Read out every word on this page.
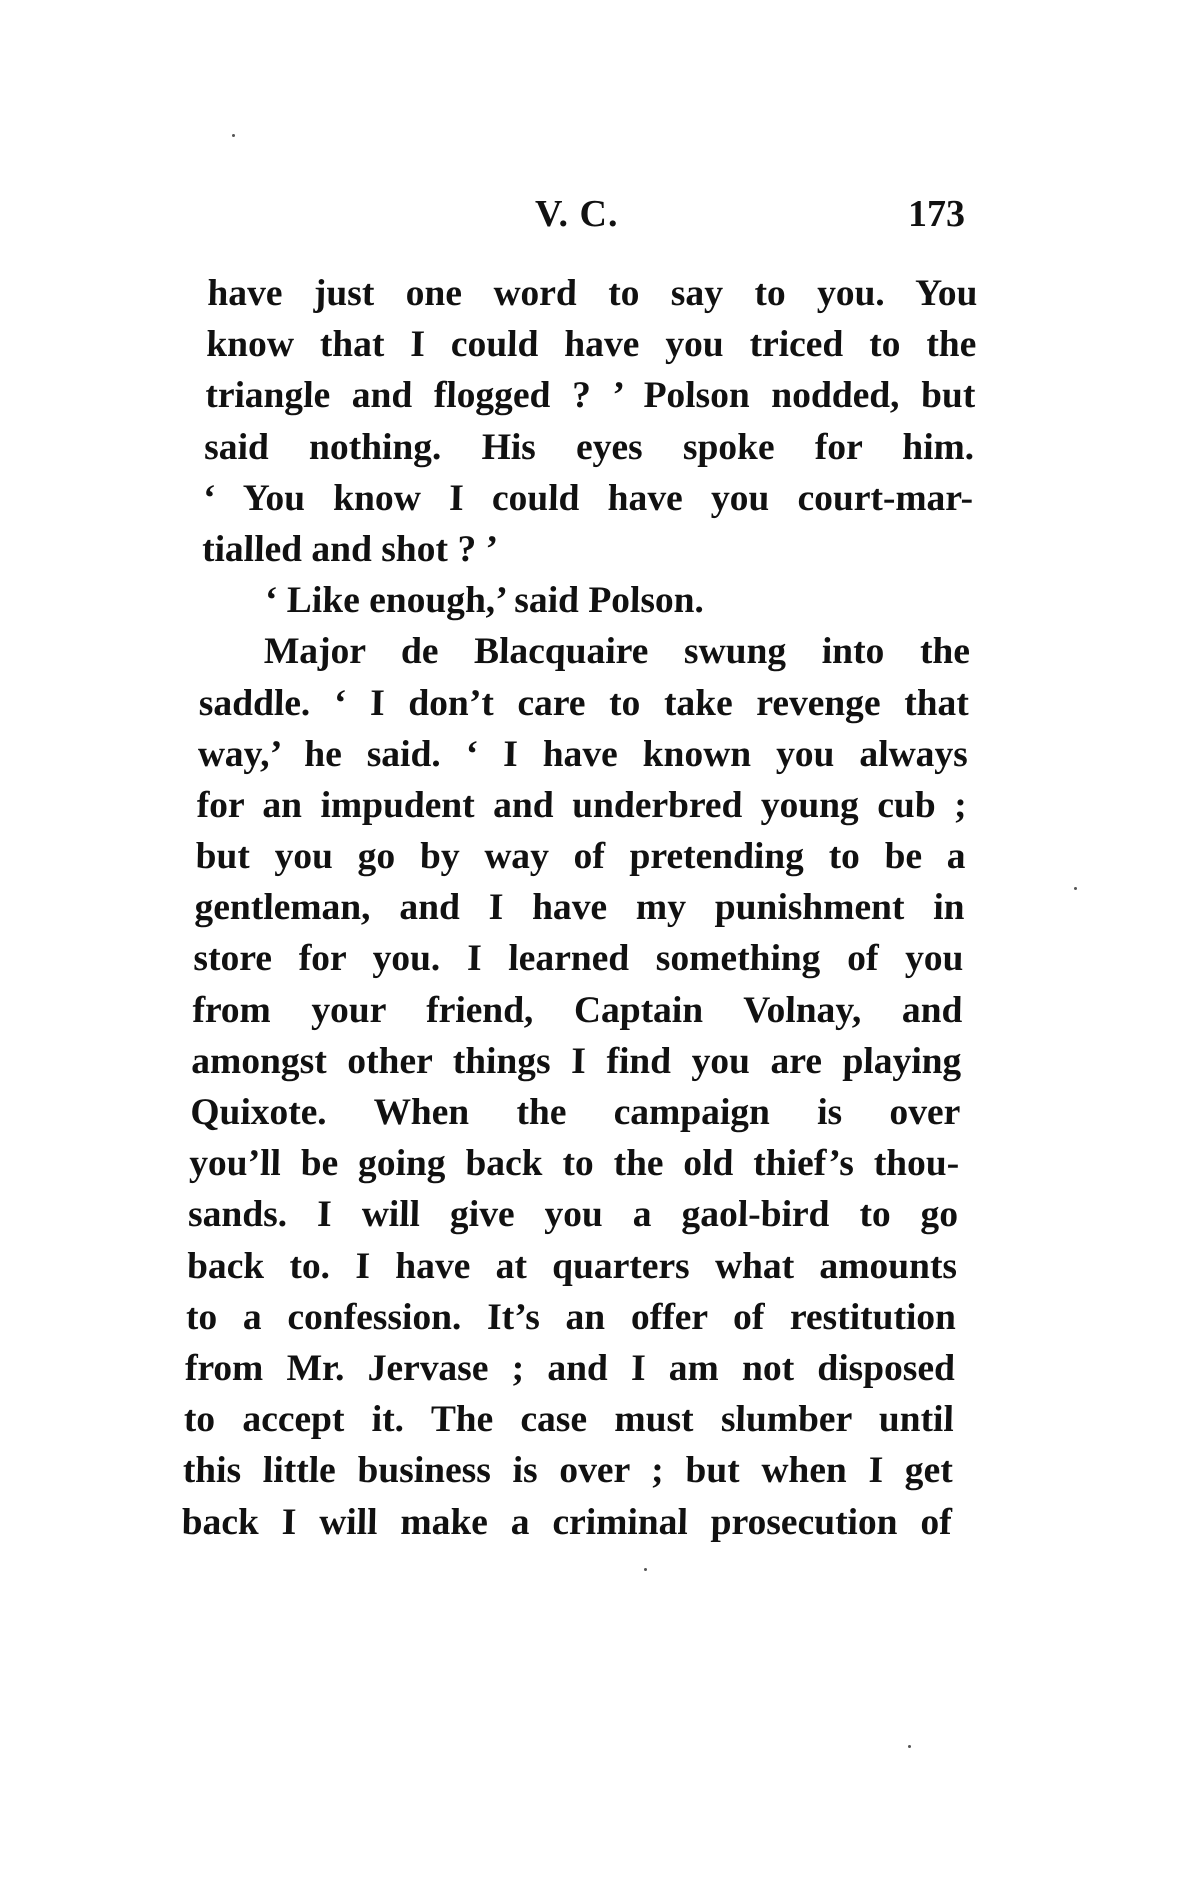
V. C.	173
have just one word to say to you. You
know that I could have you triced to the
triangle and flogged ? ’ Polson nodded, but
said nothing. His eyes spoke for him.
‘ You know I could have you court-mar-
tialled and shot ? ’
‘ Like enough,’ said Polson.
Major de Blacquaire swung into the
saddle. ‘ I don’t care to take revenge that
way,’ he said. ‘ I have known you always
for an impudent and underbred young cub ;
but you go by way of pretending to be a
gentleman, and I have my punishment in
store for you. I learned something of you
from your friend, Captain Volnay, and
amongst other things I find you are playing
Quixote. When the campaign is over
you’ll be going back to the old thief’s thou-
sands. I will give you a gaol-bird to go
back to. I have at quarters what amounts
to a confession. It’s an offer of restitution
from Mr. Jervase ; and I am not disposed
to accept it. The case must slumber until
this little business is over ; but when I get
back I will make a criminal prosecution of
